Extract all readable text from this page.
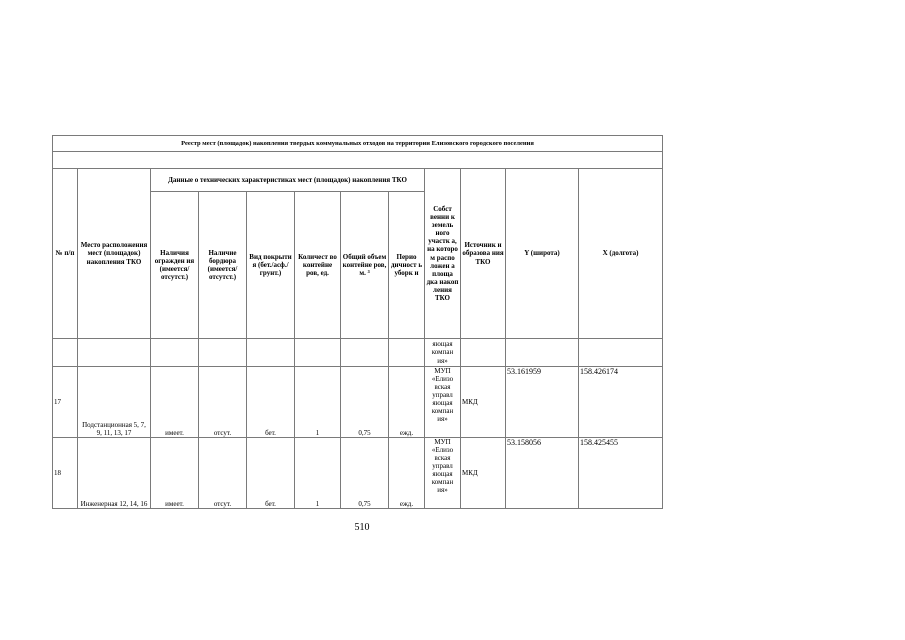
Реестр мест (площадок) накопления твердых коммунальных отходов на территории Елизовского городского поселения											

№ п/п	Место расположения мест (площадок) накопления ТКО	Данные о технических характеристиках мест (площадок) накопления ТКО						Собст венни к земель ного участк а, на которо м распо ложен а площа дка накоп ления ТКО	Источник и образова ния ТКО	Y (широта)	X (долгота)
		Наличия огражден ия (имеется/ отсутст.)	Наличие бордюра (имеется/ отсутст.)	Вид покрыти я (бет./асф./ грунт.)	Количест во контейне ров, ед.	Общий объем контейне ров, м. ³	Перио дичност ь уборк и				
								яющая компан ия»			
17	Подстанционная 5, 7, 9, 11, 13, 17	имеет.	отсут.	бет.	1	0,75	ежд.	МУП «Елизо вская управл яющая компан ия»	МКД	53.161959	158.426174
18	Инженерная 12, 14, 16	имеет.	отсут.	бет.	1	0,75	ежд.	МУП «Елизо вская управл яющая компан ия»	МКД	53.158056	158.425455
510
